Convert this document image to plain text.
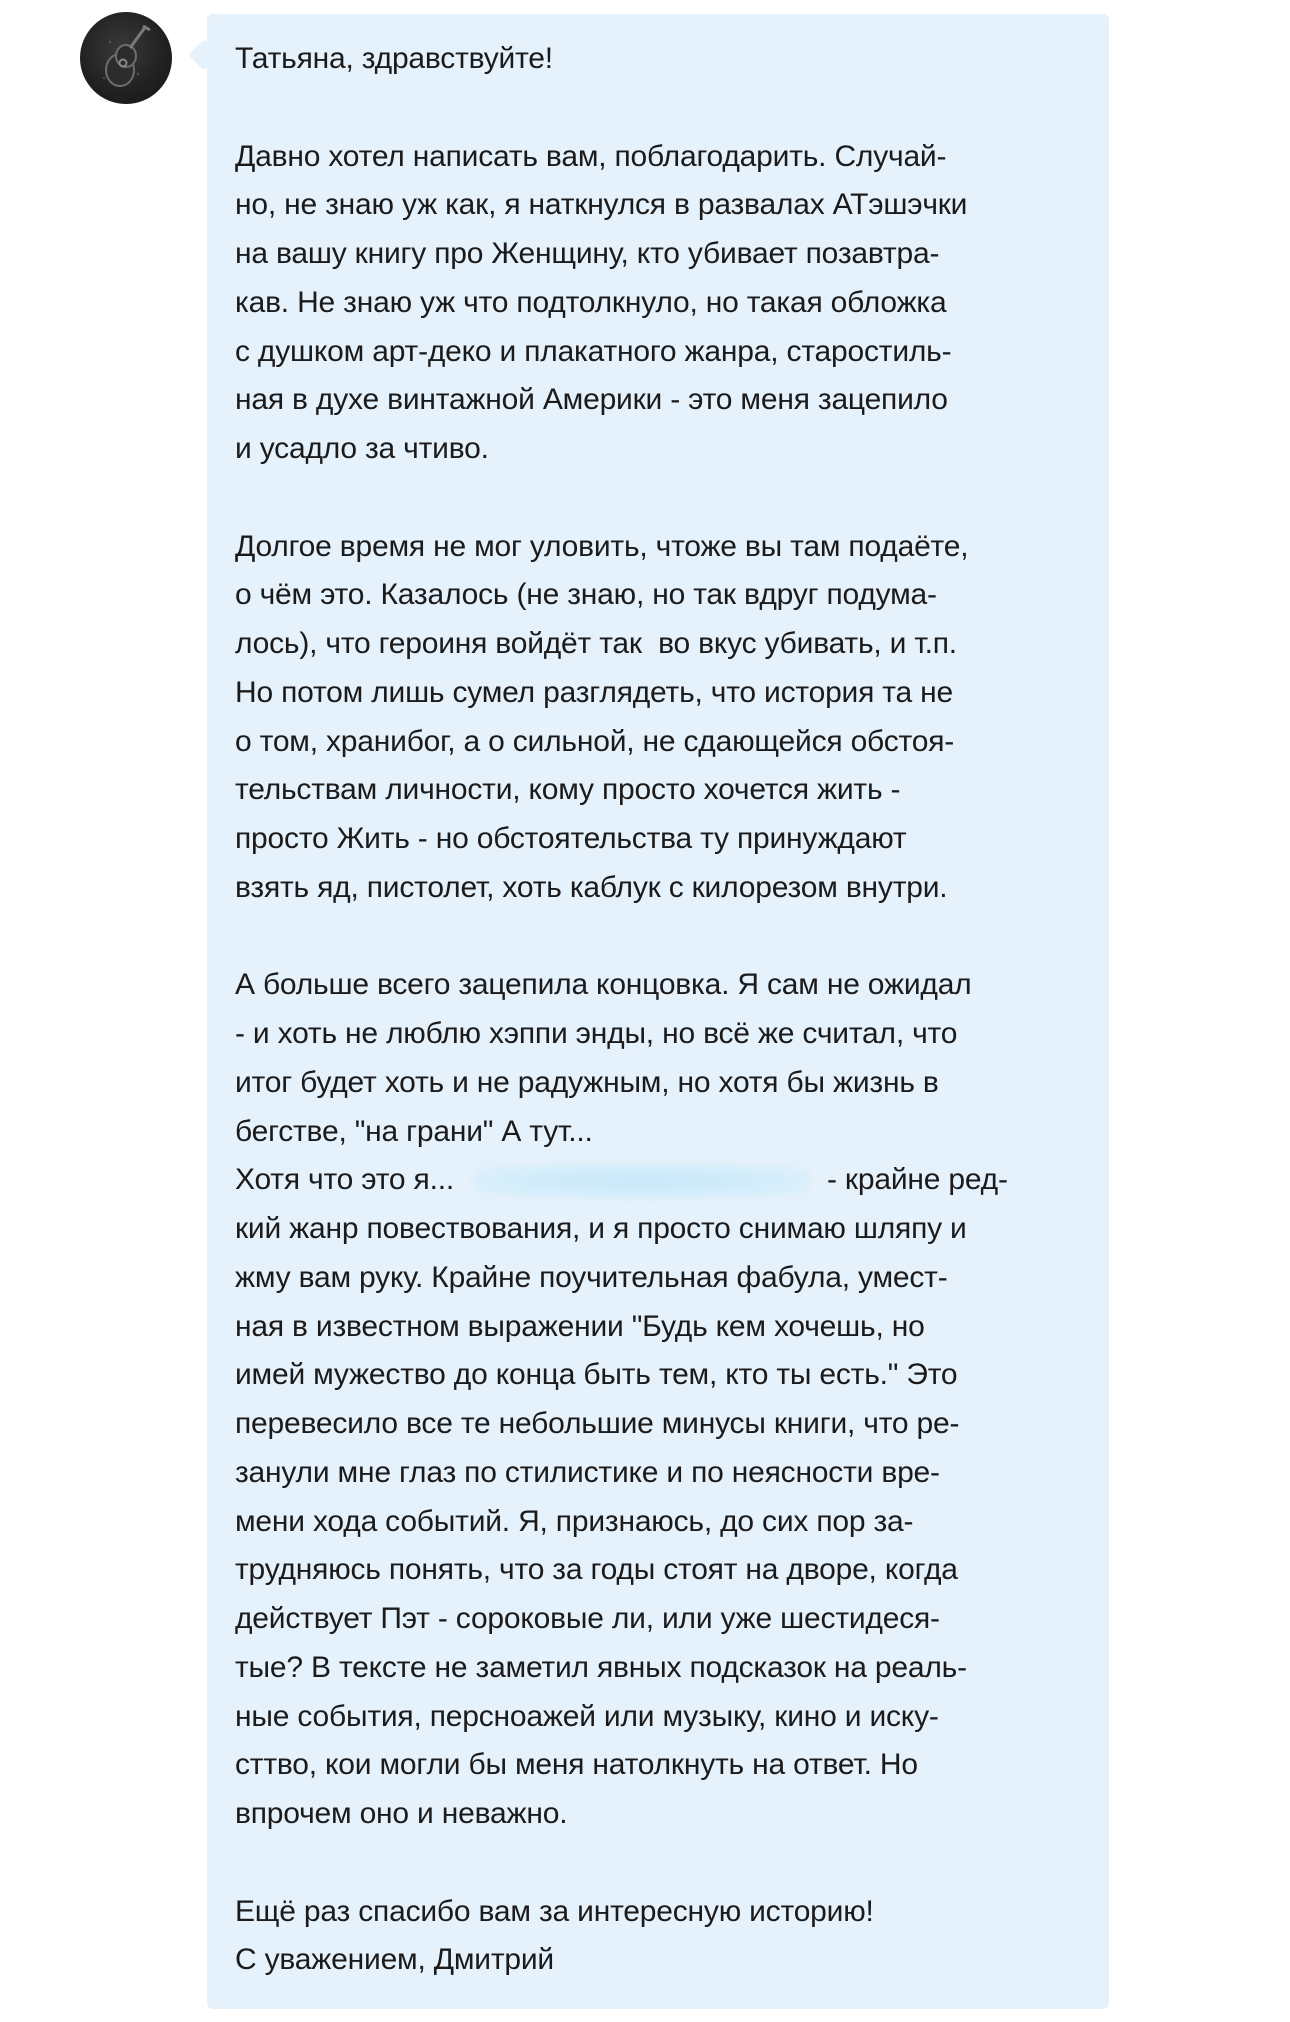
Татьяна, здравствуйте!
Давно хотел написать вам, поблагодарить. Случай-
но, не знаю уж как, я наткнулся в развалах АТэшэчки
на вашу книгу про Женщину, кто убивает позавтра-
кав. Не знаю уж что подтолкнуло, но такая обложка
с душком арт-деко и плакатного жанра, старостиль-
ная в духе винтажной Америки - это меня зацепило
и усадло за чтиво.
Долгое время не мог уловить, чтоже вы там подаёте,
о чём это. Казалось (не знаю, но так вдруг подума-
лось), что героиня войдёт так  во вкус убивать, и т.п.
Но потом лишь сумел разглядеть, что история та не
о том, хранибог, а о сильной, не сдающейся обстоя-
тельствам личности, кому просто хочется жить -
просто Жить - но обстоятельства ту принуждают
взять яд, пистолет, хоть каблук с килорезом внутри.
А больше всего зацепила концовка. Я сам не ожидал
- и хоть не люблю хэппи энды, но всё же считал, что
итог будет хоть и не радужным, но хотя бы жизнь в
бегстве, "на грани" А тут...
Хотя что это я...	- крайне ред-
кий жанр повествования, и я просто снимаю шляпу и
жму вам руку. Крайне поучительная фабула, умест-
ная в известном выражении "Будь кем хочешь, но
имей мужество до конца быть тем, кто ты есть." Это
перевесило все те небольшие минусы книги, что ре-
занули мне глаз по стилистике и по неясности вре-
мени хода событий. Я, признаюсь, до сих пор за-
трудняюсь понять, что за годы стоят на дворе, когда
действует Пэт - сороковые ли, или уже шестидеся-
тые? В тексте не заметил явных подсказок на реаль-
ные события, персноажей или музыку, кино и иску-
сттво, кои могли бы меня натолкнуть на ответ. Но
впрочем оно и неважно.
Ещё раз спасибо вам за интересную историю!
С уважением, Дмитрий
